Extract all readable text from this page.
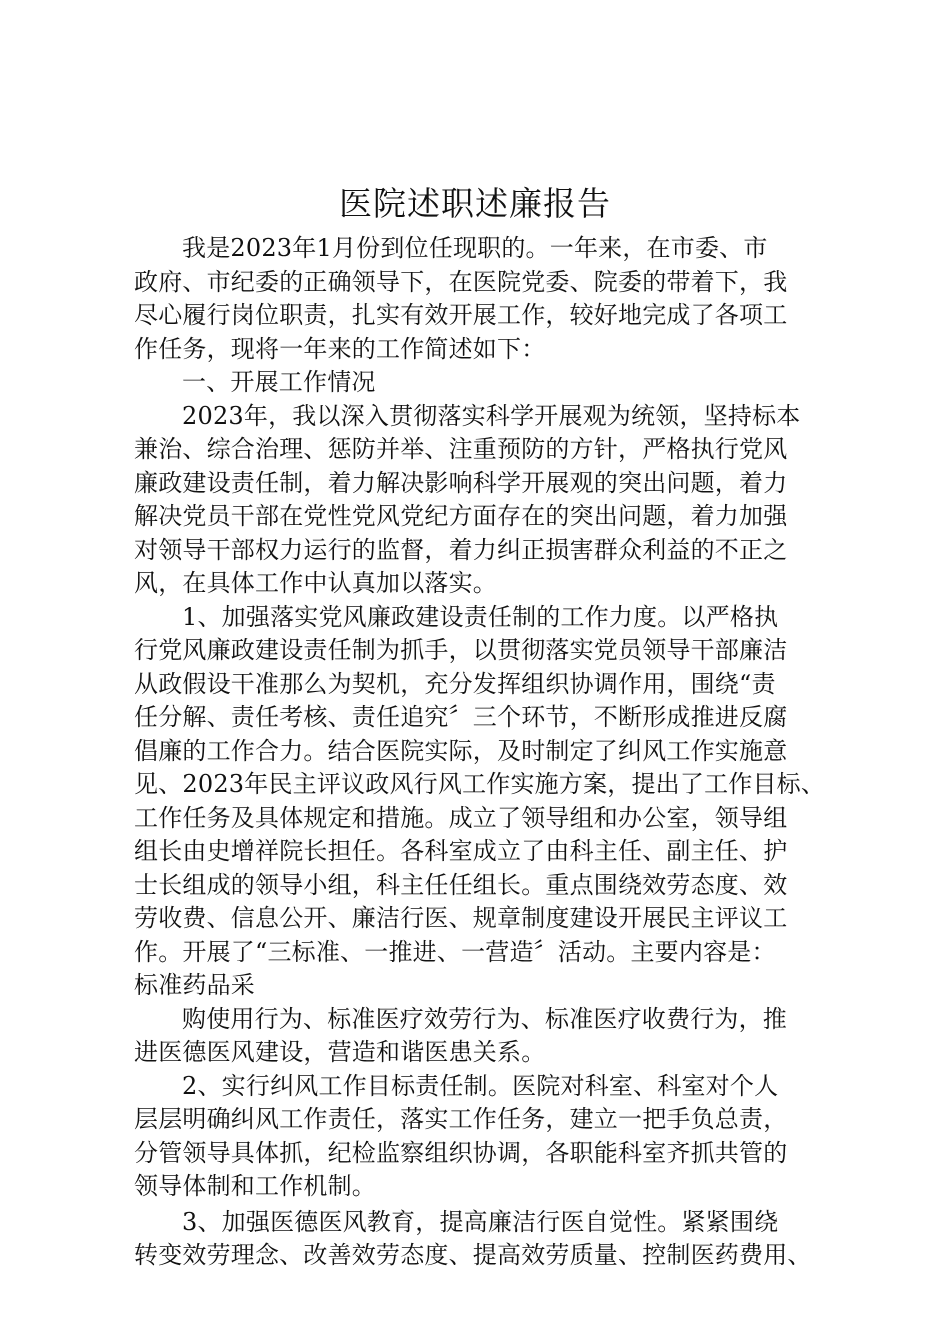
医院述职述廉报告

我是2023年1月份到位任现职的。一年来，在市委、市
政府、市纪委的正确领导下，在医院党委、院委的带着下，我
尽心履行岗位职责，扎实有效开展工作，较好地完成了各项工
作任务，现将一年来的工作简述如下：

一、开展工作情况

2023年，我以深入贯彻落实科学开展观为统领，坚持标本
兼治、综合治理、惩防并举、注重预防的方针，严格执行党风
廉政建设责任制，着力解决影响科学开展观的突出问题，着力
解决党员干部在党性党风党纪方面存在的突出问题，着力加强
对领导干部权力运行的监督，着力纠正损害群众利益的不正之
风，在具体工作中认真加以落实。

1、加强落实党风廉政建设责任制的工作力度。以严格执
行党风廉政建设责任制为抓手，以贯彻落实党员领导干部廉洁
从政假设干准那么为契机，充分发挥组织协调作用，围绕“责
任分解、责任考核、责任追究〞三个环节，不断形成推进反腐
倡廉的工作合力。结合医院实际，及时制定了纠风工作实施意
见、2023年民主评议政风行风工作实施方案，提出了工作目标、
工作任务及具体规定和措施。成立了领导组和办公室，领导组
组长由史增祥院长担任。各科室成立了由科主任、副主任、护
士长组成的领导小组，科主任任组长。重点围绕效劳态度、效
劳收费、信息公开、廉洁行医、规章制度建设开展民主评议工
作。开展了“三标准、一推进、一营造〞活动。主要内容是：
标准药品采

购使用行为、标准医疗效劳行为、标准医疗收费行为，推
进医德医风建设，营造和谐医患关系。

2、实行纠风工作目标责任制。医院对科室、科室对个人
层层明确纠风工作责任，落实工作任务，建立一把手负总责，
分管领导具体抓，纪检监察组织协调，各职能科室齐抓共管的
领导体制和工作机制。

3、加强医德医风教育，提高廉洁行医自觉性。紧紧围绕
转变效劳理念、改善效劳态度、提高效劳质量、控制医药费用、
